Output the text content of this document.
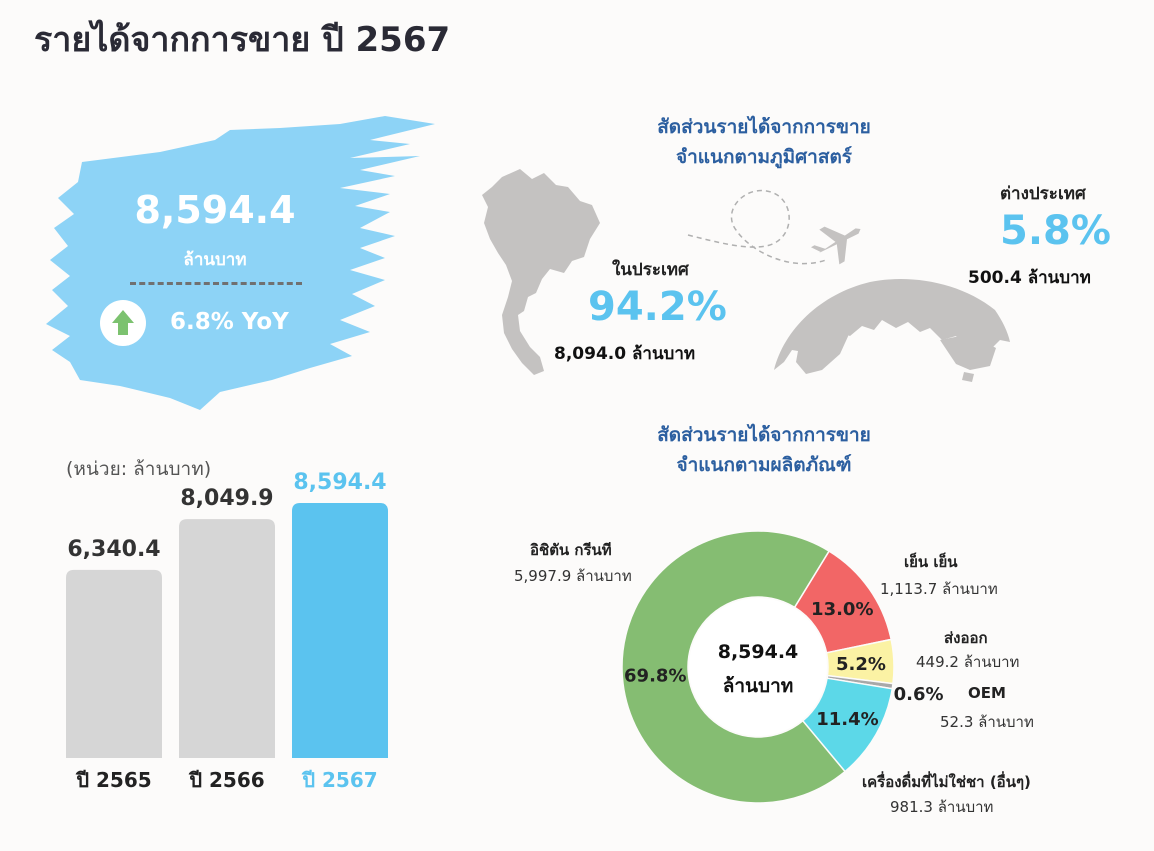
รายได้จากการขาย ปี 2567
8,594.4
ล้านบาท
6.8% YoY
สัดส่วนรายได้จากการขาย
จำแนกตามภูมิศาสตร์
ในประเทศ
94.2%
8,094.0 ล้านบาท
ต่างประเทศ
5.8%
500.4 ล้านบาท
(หน่วย: ล้านบาท)
6,340.4
ปี 2565
8,049.9
ปี 2566
8,594.4
ปี 2567
สัดส่วนรายได้จากการขาย
จำแนกตามผลิตภัณฑ์
13.0%
5.2%
0.6%
11.4%
69.8%
8,594.4
ล้านบาท
อิชิตัน กรีนที
5,997.9 ล้านบาท
เย็น เย็น
1,113.7 ล้านบาท
ส่งออก
449.2 ล้านบาท
OEM
52.3 ล้านบาท
เครื่องดื่มที่ไม่ใช่ชา (อื่นๆ)
981.3 ล้านบาท
